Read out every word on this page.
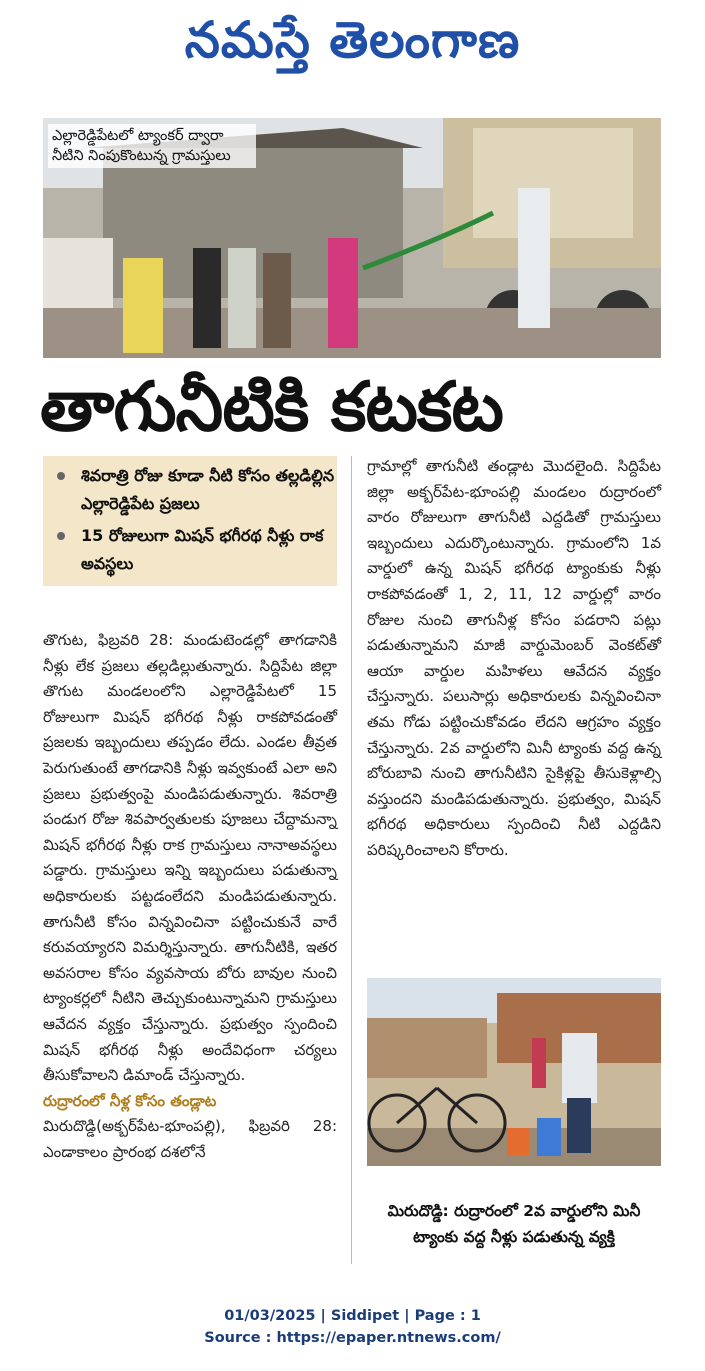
నమస్తే తెలంగాణ
ఎల్లారెడ్డిపేటలో ట్యాంకర్‌ ద్వారా నీటిని నింపుకొంటున్న గ్రామస్తులు
తాగునీటికి కటకట
శివరాత్రి రోజు కూడా నీటి కోసం తల్లడిల్లిన ఎల్లారెడ్డిపేట ప్రజలు
15 రోజులుగా మిషన్‌ భగీరథ నీళ్లు రాక అవస్థలు

తొగుట, ఫిబ్రవరి 28: మండుటెండల్లో తాగడానికి నీళ్లు లేక ప్రజలు తల్లడిల్లుతున్నారు. సిద్దిపేట జిల్లా తొగుట మండలంలోని ఎల్లారెడ్డిపేటలో 15 రోజులుగా మిషన్‌ భగీరథ నీళ్లు రాకపోవడంతో ప్రజలకు ఇబ్బందులు తప్పడం లేదు. ఎండల తీవ్రత పెరుగుతుంటే తాగడానికి నీళ్లు ఇవ్వకుంటే ఎలా అని ప్రజలు ప్రభుత్వంపై మండిపడుతున్నారు. శివరాత్రి పండుగ రోజు శివపార్వతులకు పూజలు చేద్దామన్నా మిషన్‌ భగీరథ నీళ్లు రాక గ్రామస్తులు నానాఅవస్థలు పడ్డారు. గ్రామస్తులు ఇన్ని ఇబ్బందులు పడుతున్నా అధికారులకు పట్టడంలేదని మండిపడుతున్నారు. తాగునీటి కోసం విన్నవించినా పట్టించుకునే వారే కరువయ్యారని విమర్శిస్తున్నారు. తాగునీటికి, ఇతర అవసరాల కోసం వ్యవసాయ బోరు బావుల నుంచి ట్యాంకర్లలో నీటిని తెచ్చుకుంటున్నామని గ్రామస్తులు ఆవేదన వ్యక్తం చేస్తున్నారు. ప్రభుత్వం స్పందించి మిషన్‌ భగీరథ నీళ్లు అందేవిధంగా చర్యలు తీసుకోవాలని డిమాండ్‌ చేస్తున్నారు.

రుద్రారంలో నీళ్ల కోసం తండ్లాట

మిరుదొడ్డి(అక్బర్‌పేట-భూంపల్లి), ఫిబ్రవరి 28: ఎండాకాలం ప్రారంభ దశలోనే

గ్రామాల్లో తాగునీటి తండ్లాట మొదలైంది. సిద్దిపేట జిల్లా అక్బర్‌పేట-భూంపల్లి మండలం రుద్రారంలో వారం రోజులుగా తాగునీటి ఎద్దడితో గ్రామస్తులు ఇబ్బందులు ఎదుర్కొంటున్నారు. గ్రామంలోని 1వ వార్డులో ఉన్న మిషన్‌ భగీరథ ట్యాంకుకు నీళ్లు రాకపోవడంతో 1, 2, 11, 12 వార్డుల్లో వారం రోజుల నుంచి తాగునీళ్ల కోసం పడరాని పట్లు పడుతున్నామని మాజీ వార్డుమెంబర్‌ వెంకట్‌తో ఆయా వార్డుల మహిళలు ఆవేదన వ్యక్తం చేస్తున్నారు. పలుసార్లు అధికారులకు విన్నవించినా తమ గోడు పట్టించుకోవడం లేదని ఆగ్రహం వ్యక్తం చేస్తున్నారు. 2వ వార్డులోని మినీ ట్యాంకు వద్ద ఉన్న బోరుబావి నుంచి తాగునీటిని సైకిళ్లపై తీసుకెళ్లాల్సి వస్తుందని మండిపడుతున్నారు. ప్రభుత్వం, మిషన్‌ భగీరథ అధికారులు స్పందించి నీటి ఎద్దడిని పరిష్కరించాలని కోరారు.

మిరుదొడ్డి: రుద్రారంలో 2వ వార్డులోని మినీ ట్యాంకు వద్ద నీళ్లు పడుతున్న వ్యక్తి
01/03/2025 | Siddipet | Page : 1
Source : https://epaper.ntnews.com/
